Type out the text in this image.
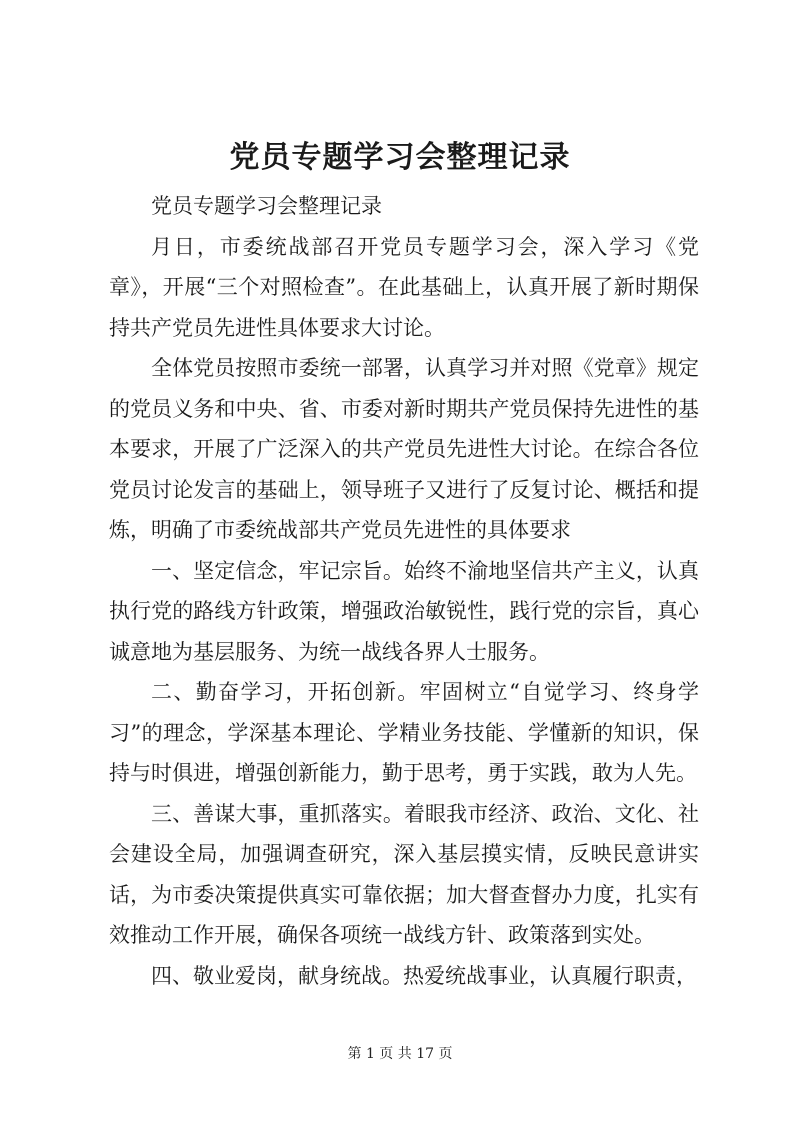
党员专题学习会整理记录

党员专题学习会整理记录

月日，市委统战部召开党员专题学习会，深入学习《党章》，开展“三个对照检查”。在此基础上，认真开展了新时期保持共产党员先进性具体要求大讨论。

全体党员按照市委统一部署，认真学习并对照《党章》规定的党员义务和中央、省、市委对新时期共产党员保持先进性的基本要求，开展了广泛深入的共产党员先进性大讨论。在综合各位党员讨论发言的基础上，领导班子又进行了反复讨论、概括和提炼，明确了市委统战部共产党员先进性的具体要求

一、坚定信念，牢记宗旨。始终不渝地坚信共产主义，认真执行党的路线方针政策，增强政治敏锐性，践行党的宗旨，真心诚意地为基层服务、为统一战线各界人士服务。

二、勤奋学习，开拓创新。牢固树立“自觉学习、终身学习”的理念，学深基本理论、学精业务技能、学懂新的知识，保持与时俱进，增强创新能力，勤于思考，勇于实践，敢为人先。

三、善谋大事，重抓落实。着眼我市经济、政治、文化、社会建设全局，加强调查研究，深入基层摸实情，反映民意讲实话，为市委决策提供真实可靠依据；加大督查督办力度，扎实有效推动工作开展，确保各项统一战线方针、政策落到实处。

四、敬业爱岗，献身统战。热爱统战事业，认真履行职责，

第 1 页 共 17 页
